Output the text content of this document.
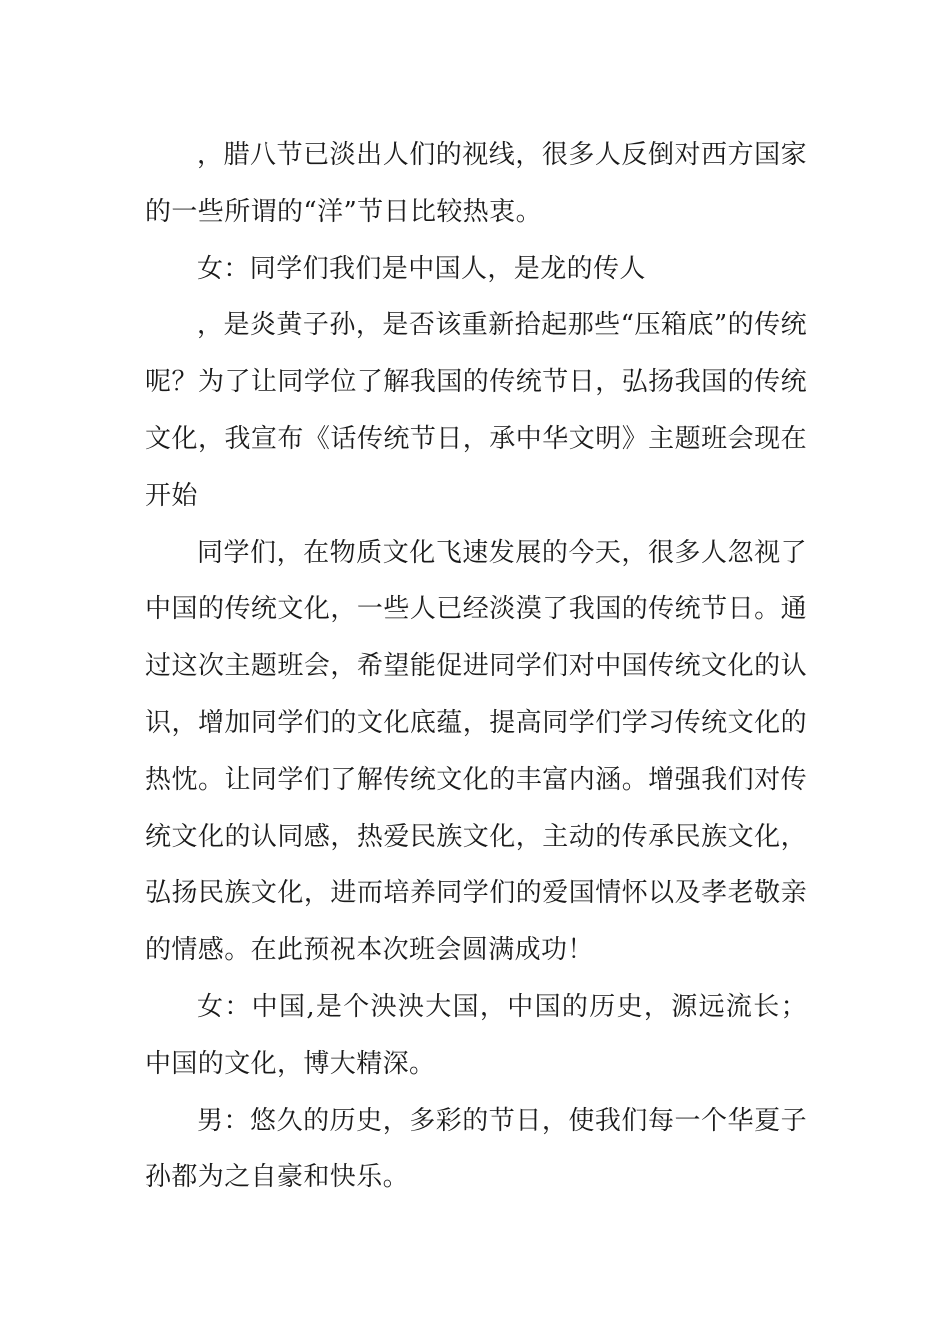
，腊八节已淡出人们的视线，很多人反倒对西方国家的一些所谓的“洋”节日比较热衷。

女：同学们我们是中国人，是龙的传人

，是炎黄子孙，是否该重新拾起那些“压箱底”的传统呢？为了让同学位了解我国的传统节日，弘扬我国的传统文化，我宣布《话传统节日，承中华文明》主题班会现在开始

同学们，在物质文化飞速发展的今天，很多人忽视了中国的传统文化，一些人已经淡漠了我国的传统节日。通过这次主题班会，希望能促进同学们对中国传统文化的认识，增加同学们的文化底蕴，提高同学们学习传统文化的热忱。让同学们了解传统文化的丰富内涵。增强我们对传统文化的认同感，热爱民族文化，主动的传承民族文化，弘扬民族文化，进而培养同学们的爱国情怀以及孝老敬亲的情感。在此预祝本次班会圆满成功！

女：中国,是个泱泱大国，中国的历史，源远流长；中国的文化，博大精深。

男：悠久的历史，多彩的节日，使我们每一个华夏子孙都为之自豪和快乐。
